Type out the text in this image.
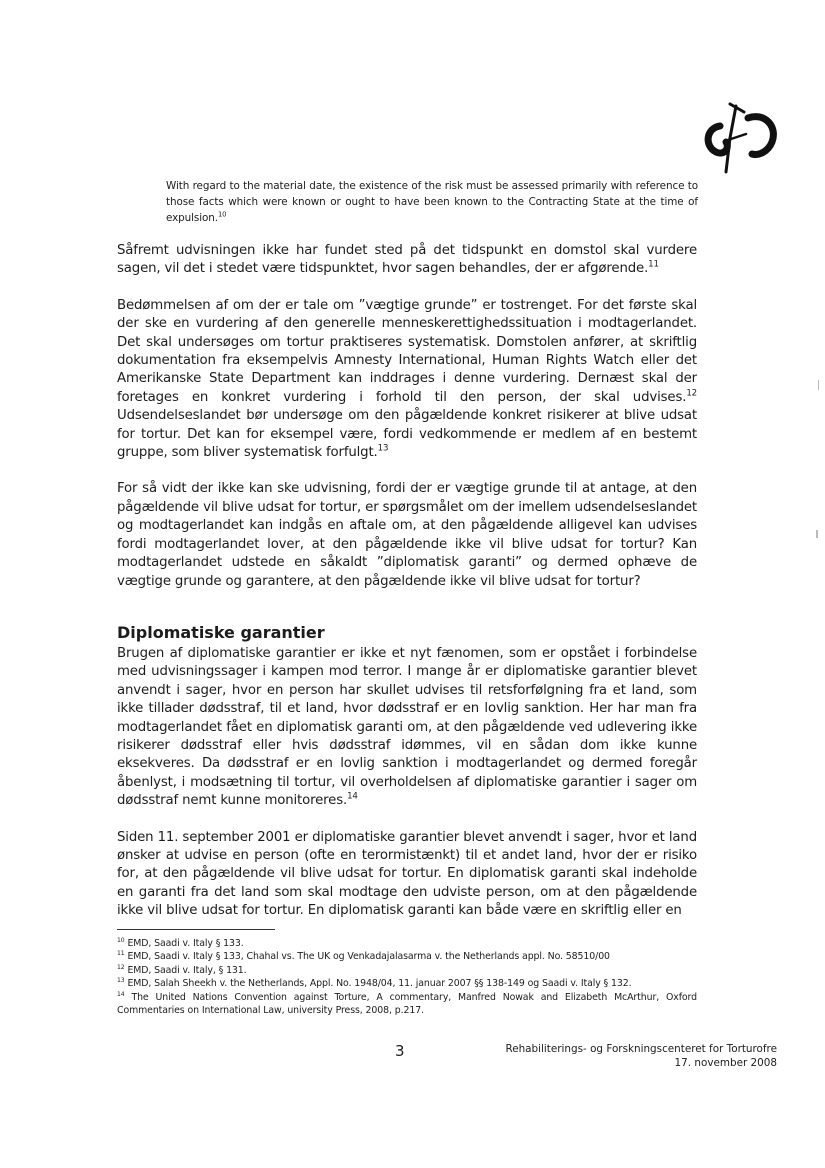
With regard to the material date, the existence of the risk must be assessed primarily with reference to those facts which were known or ought to have been known to the Contracting State at the time of expulsion.$^{10}$

Såfremt udvisningen ikke har fundet sted på det tidspunkt en domstol skal vurdere sagen, vil det i stedet være tidspunktet, hvor sagen behandles, der er afgørende.$^{11}$

Bedømmelsen af om der er tale om ”vægtige grunde” er tostrenget. For det første skal der ske en vurdering af den generelle menneskerettighedssituation i modtagerlandet. Det skal undersøges om tortur praktiseres systematisk. Domstolen anfører, at skriftlig dokumentation fra eksempelvis Amnesty International, Human Rights Watch eller det Amerikanske State Department kan inddrages i denne vurdering. Dernæst skal der foretages en konkret vurdering i forhold til den person, der skal udvises.$^{12}$ Udsendelseslandet bør undersøge om den pågældende konkret risikerer at blive udsat for tortur. Det kan for eksempel være, fordi vedkommende er medlem af en bestemt gruppe, som bliver systematisk forfulgt.$^{13}$

For så vidt der ikke kan ske udvisning, fordi der er vægtige grunde til at antage, at den pågældende vil blive udsat for tortur, er spørgsmålet om der imellem udsendelseslandet og modtagerlandet kan indgås en aftale om, at den pågældende alligevel kan udvises fordi modtagerlandet lover, at den pågældende ikke vil blive udsat for tortur? Kan modtagerlandet udstede en såkaldt ”diplomatisk garanti” og dermed ophæve de vægtige grunde og garantere, at den pågældende ikke vil blive udsat for tortur?

Diplomatiske garantier

Brugen af diplomatiske garantier er ikke et nyt fænomen, som er opstået i forbindelse med udvisningssager i kampen mod terror. I mange år er diplomatiske garantier blevet anvendt i sager, hvor en person har skullet udvises til retsforfølgning fra et land, som ikke tillader dødsstraf, til et land, hvor dødsstraf er en lovlig sanktion. Her har man fra modtagerlandet fået en diplomatisk garanti om, at den pågældende ved udlevering ikke risikerer dødsstraf eller hvis dødsstraf idømmes, vil en sådan dom ikke kunne eksekveres. Da dødsstraf er en lovlig sanktion i modtagerlandet og dermed foregår åbenlyst, i modsætning til tortur, vil overholdelsen af diplomatiske garantier i sager om dødsstraf nemt kunne monitoreres.$^{14}$

Siden 11. september 2001 er diplomatiske garantier blevet anvendt i sager, hvor et land ønsker at udvise en person (ofte en terormistænkt) til et andet land, hvor der er risiko for, at den pågældende vil blive udsat for tortur. En diplomatisk garanti skal indeholde en garanti fra det land som skal modtage den udviste person, om at den pågældende ikke vil blive udsat for tortur. En diplomatisk garanti kan både være en skriftlig eller en

$^{10}$ EMD, Saadi v. Italy § 133.
$^{11}$ EMD, Saadi v. Italy § 133, Chahal vs. The UK og Venkadajalasarma v. the Netherlands appl. No. 58510/00
$^{12}$ EMD, Saadi v. Italy, § 131.
$^{13}$ EMD, Salah Sheekh v. the Netherlands, Appl. No. 1948/04, 11. januar 2007 §§ 138-149 og Saadi v. Italy § 132.
$^{14}$ The United Nations Convention against Torture, A commentary, Manfred Nowak and Elizabeth McArthur, Oxford Commentaries on International Law, university Press, 2008, p.217.
3	Rehabiliterings- og Forskningscenteret for Torturofre
17. november 2008
